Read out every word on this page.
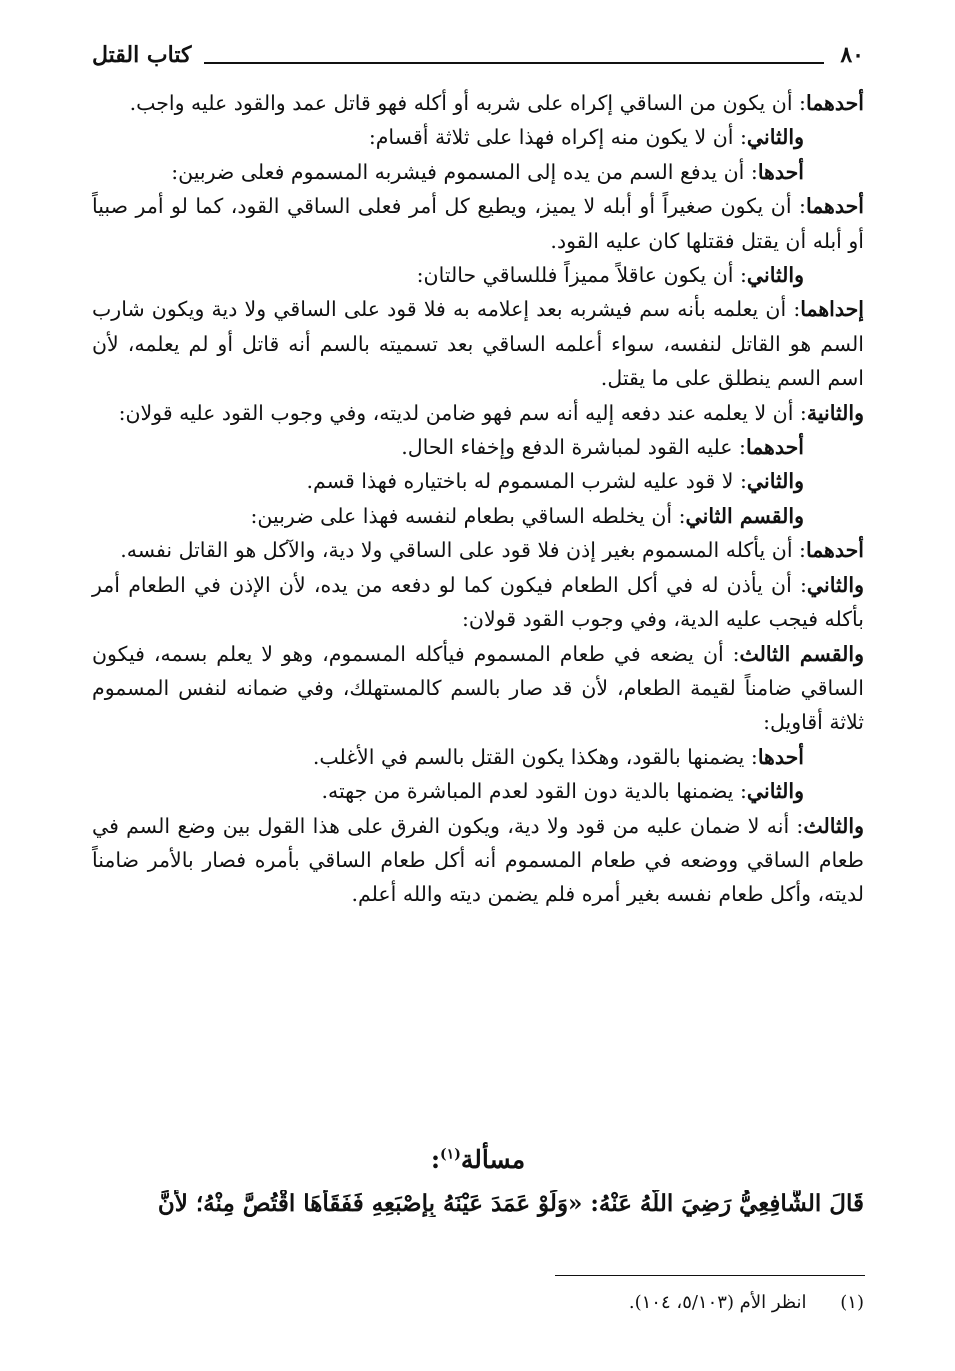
٨٠
كتاب القتل

أحدهما: أن يكون من الساقي إكراه على شربه أو أكله فهو قاتل عمد والقود عليه واجب.

والثاني: أن لا يكون منه إكراه فهذا على ثلاثة أقسام:

أحدها: أن يدفع السم من يده إلى المسموم فيشربه المسموم فعلى ضربين:

أحدهما: أن يكون صغيراً أو أبله لا يميز، ويطيع كل أمر فعلى الساقي القود، كما لو أمر صبياً أو أبله أن يقتل فقتلها كان عليه القود.

والثاني: أن يكون عاقلاً مميزاً فللساقي حالتان:

إحداهما: أن يعلمه بأنه سم فيشربه بعد إعلامه به فلا قود على الساقي ولا دية ويكون شارب السم هو القاتل لنفسه، سواء أعلمه الساقي بعد تسميته بالسم أنه قاتل أو لم يعلمه، لأن اسم السم ينطلق على ما يقتل.

والثانية: أن لا يعلمه عند دفعه إليه أنه سم فهو ضامن لديته، وفي وجوب القود عليه قولان:

أحدهما: عليه القود لمباشرة الدفع وإخفاء الحال.

والثاني: لا قود عليه لشرب المسموم له باختياره فهذا قسم.

والقسم الثاني: أن يخلطه الساقي بطعام لنفسه فهذا على ضربين:

أحدهما: أن يأكله المسموم بغير إذن فلا قود على الساقي ولا دية، والآكل هو القاتل نفسه.

والثاني: أن يأذن له في أكل الطعام فيكون كما لو دفعه من يده، لأن الإذن في الطعام أمر بأكله فيجب عليه الدية، وفي وجوب القود قولان:

والقسم الثالث: أن يضعه في طعام المسموم فيأكله المسموم، وهو لا يعلم بسمه، فيكون الساقي ضامناً لقيمة الطعام، لأن قد صار بالسم كالمستهلك، وفي ضمانه لنفس المسموم ثلاثة أقاويل:

أحدها: يضمنها بالقود، وهكذا يكون القتل بالسم في الأغلب.

والثاني: يضمنها بالدية دون القود لعدم المباشرة من جهته.

والثالث: أنه لا ضمان عليه من قود ولا دية، ويكون الفرق على هذا القول بين وضع السم في طعام الساقي ووضعه في طعام المسموم أنه أكل طعام الساقي بأمره فصار بالأمر ضامناً لديته، وأكل طعام نفسه بغير أمره فلم يضمن ديته والله أعلم.

مسألة$^{(١)}$:
قَالَ الشَّافِعِيُّ رَضِيَ اللَّهُ عَنْهُ: «وَلَوْ عَمَدَ عَيْنَهُ بِإِصْبَعِهِ فَفَقَأَهَا اقْتُصَّ مِنْهُ؛ لأَنَّ
(١) انظر الأم (٥/١٠٣، ١٠٤).
